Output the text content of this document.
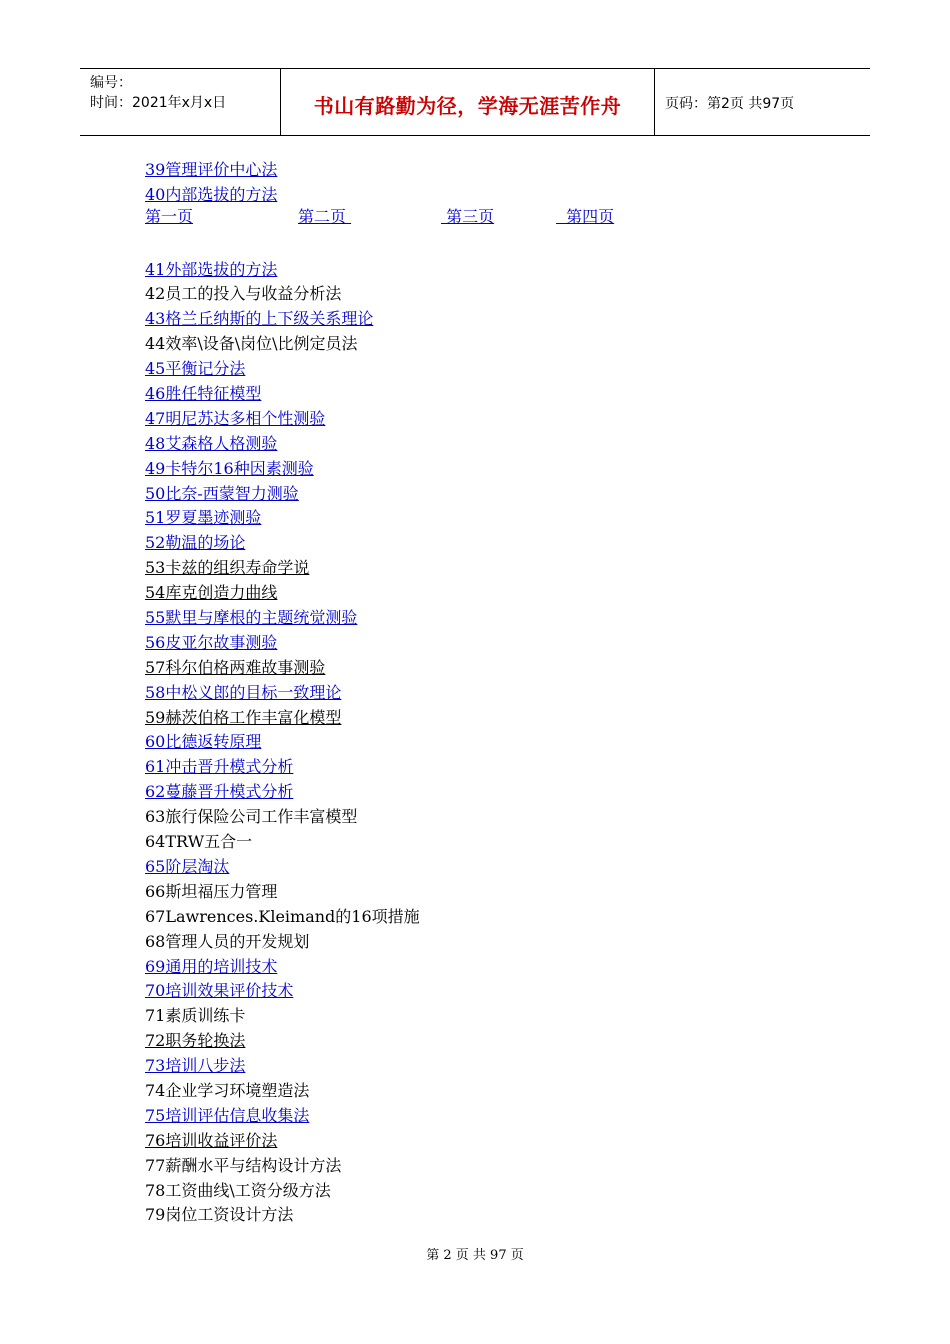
编号：
时间：2021年x月x日	书山有路勤为径，学海无涯苦作舟	页码：第2页 共97页
39管理评价中心法
40内部选拔的方法
第一页	第二页	第三页	第四页
41外部选拔的方法
42员工的投入与收益分析法
43格兰丘纳斯的上下级关系理论
44效率\设备\岗位\比例定员法
45平衡记分法
46胜任特征模型
47明尼苏达多相个性测验
48艾森格人格测验
49卡特尔16种因素测验
50比奈-西蒙智力测验
51罗夏墨迹测验
52勒温的场论
53卡兹的组织寿命学说
54库克创造力曲线
55默里与摩根的主题统觉测验
56皮亚尔故事测验
57科尔伯格两难故事测验
58中松义郎的目标一致理论
59赫茨伯格工作丰富化模型
60比德返转原理
61冲击晋升模式分析
62蔓藤晋升模式分析
63旅行保险公司工作丰富模型
64TRW五合一
65阶层淘汰
66斯坦福压力管理
67Lawrences.Kleimand的16项措施
68管理人员的开发规划
69通用的培训技术
70培训效果评价技术
71素质训练卡
72职务轮换法
73培训八步法
74企业学习环境塑造法
75培训评估信息收集法
76培训收益评价法
77薪酬水平与结构设计方法
78工资曲线\工资分级方法
79岗位工资设计方法
第 2 页 共 97 页
